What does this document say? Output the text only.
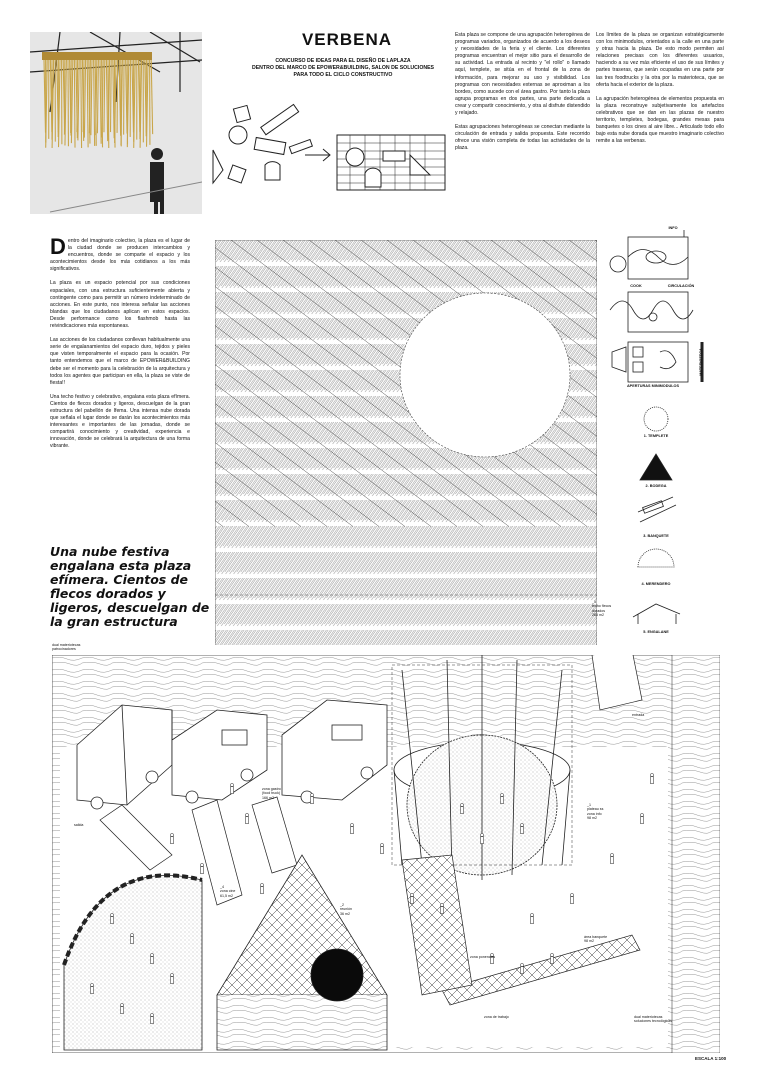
VERBENA
CONCURSO DE IDEAS PARA EL DISEÑO DE LAPLAZA
DENTRO DEL MARCO DE EPOWER&BUILDING, SALON DE SOLUCIONES
PARA TODO EL CICLO CONSTRUCTIVO

Esta plaza se compone de una agrupación heterogénea de programas variados, organizados de acuerdo a los deseos y necesidades de la feria y el cliente. Los diferentes programas encuentran el mejor sitio para el desarrollo de su actividad. La entrada al recinto y "el rollo" o llamado aquí, templete, se sitúa en el frontal de la zona de información, para mejorar su uso y visibilidad. Los programas con necesidades externas se aproximan a los bordes, como sucede con el área gastro. Por tanto la plaza agrupa programas en dos partes, una parte dedicada a crear y compartir conocimiento, y otra al disfrute distendido y relajado.

Estas agrupaciones heterogéneas se conectan mediante la circulación de entrada y salida propuesta. Este recorrido ofrece una visión completa de todas las actividades de la plaza.

Los límites de la plaza se organizan estratégicamente con los minimodulos, orientados a la calle en una parte y otras hacia la plaza. De esto modo permiten así relaciones precisas con los diferentes usuarios, haciendo a su vez más eficiente el uso de sus límites y partes traseras, que serán ocupadas en una parte por las tres foodtrucks y la otra por la materioteca, que se oferta hacia el exterior de la plaza.

La agrupación heterogénea de elementos propuesta en la plaza reconstruye subjetivamente los artefactos celebrativos que se dan en las plazas de nuestro territorio, templetes, bodegas, grandes mesas para banquetes o los cines al aire libre... Articulado todo ello bajo esta nube dorada que muestro imaginario colectivo remite a las verbenas.

Dentro del imaginario colectivo, la plaza es el lugar de la ciudad donde se producen intercambios y encuentros, donde se comparte el espacio y los acontecimientos desde los más cotidianos a los más significativos.

La plaza es un espacio potencial por sus condiciones espaciales, con una estructura suficientemente abierta y contingente como para permitir un número indeterminado de acciones. En este punto, nos interesa señalar las acciones blandas que los ciudadanos aplican en estos espacios. Desde performance como los flashmob hasta las reivindicaciones más espontaneas.

Las acciones de los ciudadanos conllevan habitualmente una serie de engalanamientos del espacio duro, tejidos y pieles que visten temporalmente el espacio para la ocasión. Por tanto entendemos que el marco de EPOWER&BUILDING debe ser el momento para la celebración de la arquitectura y todos los agentes que participan en ella, la plaza se viste de fiesta!!

Una techo festivo y celebrativo, engalana esta plaza efímera. Cientos de flecos dorados y ligeros, descuelgan de la gran estructura del pabellón de Ifema. Una intensa nube dorada que señala el lugar donde se darán los acontecimientos más interesantes e importantes de las jornadas, donde se compartirá conocimiento y creatividad, experiencia e innovación, donde se celebrará la arquitectura de una forma vibrante.

Una nube festiva engalana esta plaza efímera. Cientos de flecos dorados y ligeros, descuelgan de la gran estructura
INFO
COOK	CIRCULACIÓN
MATERIOTECA
APERTURAS MINIMODULOS
1. TEMPLETE
2. BODEGA
3. BANQUETE
4. MERENDERO
5. ENGALANE
_5
techo flecos
dorados
265 m2
_1
plateau ss
zona info
98 m2
_4
zona cine
61,5 m2
_2
reunión
36 m2
zona gastro
(food truck)
166 m2
entrada
salida
área banquete
98 m2
zona de trabajo	dual materiotecas
soluciones tecnológicas
dual materiotecas
patrocinadores
zona ponencias
ESCALA 1:100
